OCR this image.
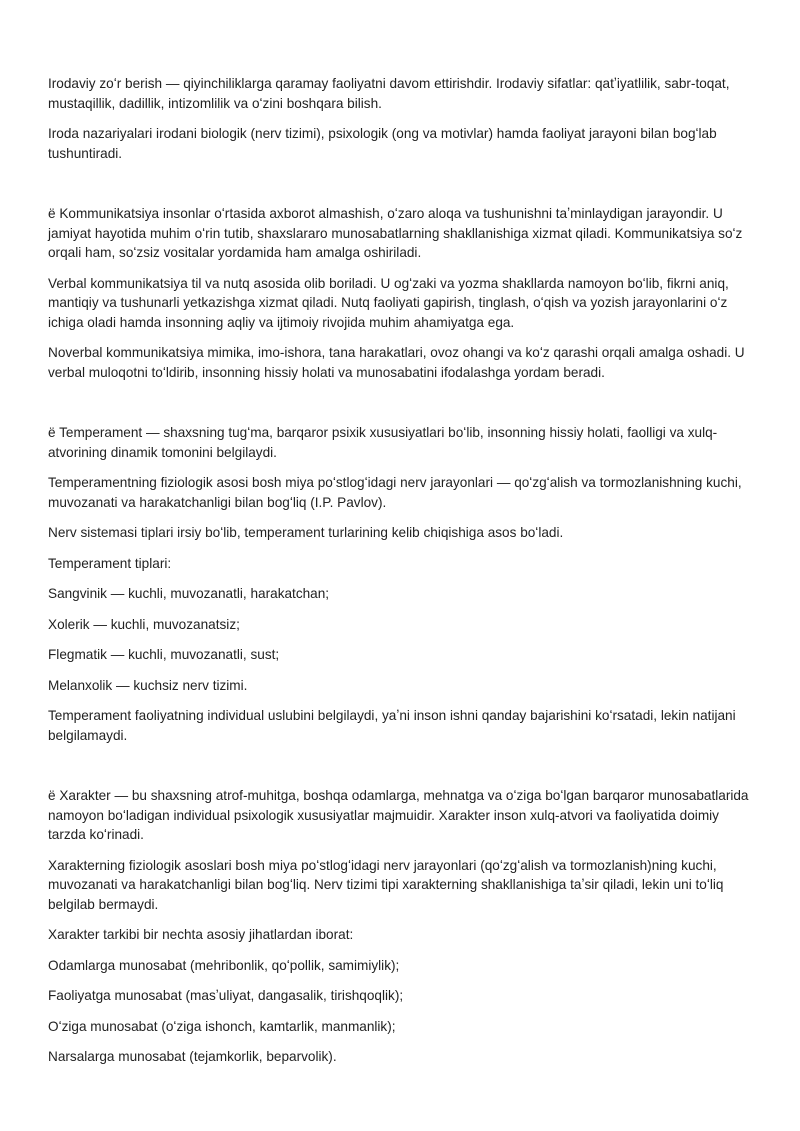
Irodaviy zoʻr berish — qiyinchiliklarga qaramay faoliyatni davom ettirishdir. Irodaviy sifatlar: qatʼiyatlilik, sabr-toqat, mustaqillik, dadillik, intizomlilik va oʻzini boshqara bilish.

Iroda nazariyalari irodani biologik (nerv tizimi), psixologik (ong va motivlar) hamda faoliyat jarayoni bilan bogʻlab tushuntiradi.

ë Kommunikatsiya insonlar oʻrtasida axborot almashish, oʻzaro aloqa va tushunishni taʼminlaydigan jarayondir. U jamiyat hayotida muhim oʻrin tutib, shaxslararo munosabatlarning shakllanishiga xizmat qiladi. Kommunikatsiya soʻz orqali ham, soʻzsiz vositalar yordamida ham amalga oshiriladi.

Verbal kommunikatsiya til va nutq asosida olib boriladi. U ogʻzaki va yozma shakllarda namoyon boʻlib, fikrni aniq, mantiqiy va tushunarli yetkazishga xizmat qiladi. Nutq faoliyati gapirish, tinglash, oʻqish va yozish jarayonlarini oʻz ichiga oladi hamda insonning aqliy va ijtimoiy rivojida muhim ahamiyatga ega.

Noverbal kommunikatsiya mimika, imo-ishora, tana harakatlari, ovoz ohangi va koʻz qarashi orqali amalga oshadi. U verbal muloqotni toʻldirib, insonning hissiy holati va munosabatini ifodalashga yordam beradi.

ë Temperament — shaxsning tugʻma, barqaror psixik xususiyatlari boʻlib, insonning hissiy holati, faolligi va xulq-atvorining dinamik tomonini belgilaydi.

Temperamentning fiziologik asosi bosh miya poʻstlogʻidagi nerv jarayonlari — qoʻzgʻalish va tormozlanishning kuchi, muvozanati va harakatchanligi bilan bogʻliq (I.P. Pavlov).

Nerv sistemasi tiplari irsiy boʻlib, temperament turlarining kelib chiqishiga asos boʻladi.

Temperament tiplari:

Sangvinik — kuchli, muvozanatli, harakatchan;

Xolerik — kuchli, muvozanatsiz;

Flegmatik — kuchli, muvozanatli, sust;

Melanxolik — kuchsiz nerv tizimi.

Temperament faoliyatning individual uslubini belgilaydi, yaʼni inson ishni qanday bajarishini koʻrsatadi, lekin natijani belgilamaydi.

ë Xarakter — bu shaxsning atrof-muhitga, boshqa odamlarga, mehnatga va oʻziga boʻlgan barqaror munosabatlarida namoyon boʻladigan individual psixologik xususiyatlar majmuidir. Xarakter inson xulq-atvori va faoliyatida doimiy tarzda koʻrinadi.

Xarakterning fiziologik asoslari bosh miya poʻstlogʻidagi nerv jarayonlari (qoʻzgʻalish va tormozlanish)ning kuchi, muvozanati va harakatchanligi bilan bogʻliq. Nerv tizimi tipi xarakterning shakllanishiga taʼsir qiladi, lekin uni toʻliq belgilab bermaydi.

Xarakter tarkibi bir nechta asosiy jihatlardan iborat:

Odamlarga munosabat (mehribonlik, qoʻpollik, samimiylik);

Faoliyatga munosabat (masʼuliyat, dangasalik, tirishqoqlik);

Oʻziga munosabat (oʻziga ishonch, kamtarlik, manmanlik);

Narsalarga munosabat (tejamkorlik, beparvolik).
